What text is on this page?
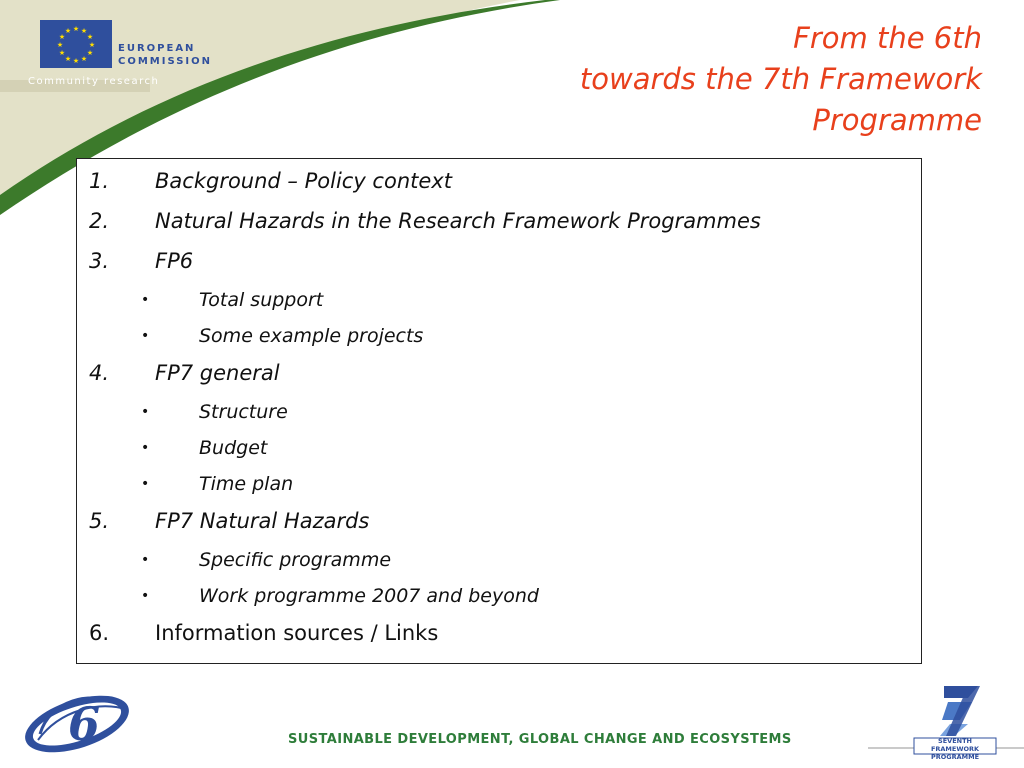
★ ★
★
★
★
★
★
★
★
★
★
★
EUROPEAN
COMMISSION
Community research
From the 6th
towards the 7th Framework
Programme
1. Background – Policy context
2. Natural Hazards in the Research Framework Programmes
3. FP6
•	Total support
•	Some example projects
4. FP7 general
•	Structure
•	Budget
•	Time plan
5. FP7 Natural Hazards
•	Specific programme
•	Work programme 2007 and beyond
6. Information sources / Links
6	SUSTAINABLE DEVELOPMENT, GLOBAL CHANGE AND ECOSYSTEMS	SEVENTH FRAMEWORK
PROGRAMME
